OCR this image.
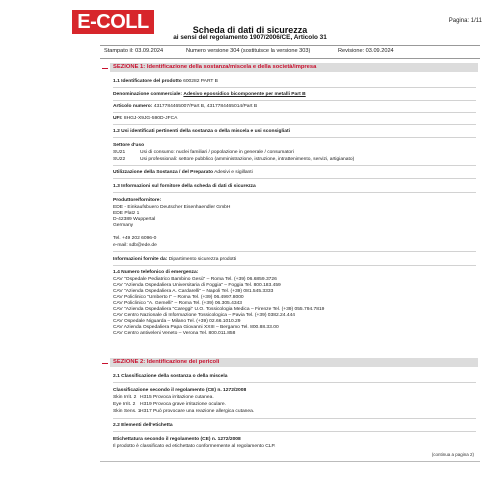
E-COLL	Pagina: 1/11
Scheda di dati di sicurezza
ai sensi del regolamento 1907/2006/CE, Articolo 31
Stampato il: 03.09.2024	Numero versione 304 (sostituisce la versione 303)	Revisione: 03.09.2024
SEZIONE 1: Identificazione della sostanza/miscela e della società/impresa
1.1 Identificatore del prodotto 600282 PART B
Denominazione commerciale: Adesivo epossidico bicomponente per metalli Part B
Articolo numero: 4317784465007/Part B, 4317784465014/Part B
UFI: 8HGJ-X9JG-590D-JFCA
1.2 Usi identificati pertinenti della sostanza o della miscela e usi sconsigliati
Settore d'uso
SU21	Usi di consumo: nuclei familiari / popolazione in generale / consumatori
SU22	Usi professionali: settore pubblico (amministrazione, istruzione, intrattenimento, servizi, artigianato)
Utilizzazione della Sostanza / del Preparato Adesivi e sigillanti
1.3 Informazioni sul fornitore della scheda di dati di sicurezza
Produttore/fornitore:
EDE - Einkaufsbuero Deutscher Eisenhaendler GmbH
EDE Platz 1
D-42389 Wuppertal
Germany
Tel. +49 202 6096-0
e-mail: sdb@ede.de
Informazioni fornite da: Dipartimento sicurezza prodotti
1.4 Numero telefonico di emergenza:
CAV "Ospedale Pediatrico Bambino Gesù" – Roma Tel. (+39) 06.6859.3726
CAV "Azienda Ospedaliera Universitaria di Foggia" – Foggia Tel. 800.183.459
CAV "Azienda Ospedaliera A. Cardarelli" – Napoli Tel. (+39) 081.545.3333
CAV Policlinico "Umberto I" – Roma Tel. (+39) 06.4997.8000
CAV Policlinico "A. Gemelli" – Roma Tel. (+39) 06.305.4343
CAV "Azienda Ospedaliera "Careggi" U.O. Tossicologia Medica – Firenze Tel. (+39) 055.794.7819
CAV Centro Nazionale di Informazione Tossicologica – Pavia Tel. (+39) 0382.24.444
CAV Ospedale Niguarda – Milano Tel. (+39) 02.66.1010.29
CAV Azienda Ospedaliera Papa Giovanni XXIII – Bergamo Tel. 800.88.33.00
CAV Centro antiveleni Veneto – Verona Tel. 800.011.858
SEZIONE 2: Identificazione dei pericoli
2.1 Classificazione della sostanza o della miscela
Classificazione secondo il regolamento (CE) n. 1272/2008
Skin Irrit. 2 H315 Provoca irritazione cutanea.
Eye Irrit. 2 H319 Provoca grave irritazione oculare.
Skin Sens. 1H317 Può provocare una reazione allergica cutanea.
2.2 Elementi dell'etichetta
Etichettatura secondo il regolamento (CE) n. 1272/2008
Il prodotto è classificato ed etichettato conformemente al regolamento CLP.
(continua a pagina 2)
